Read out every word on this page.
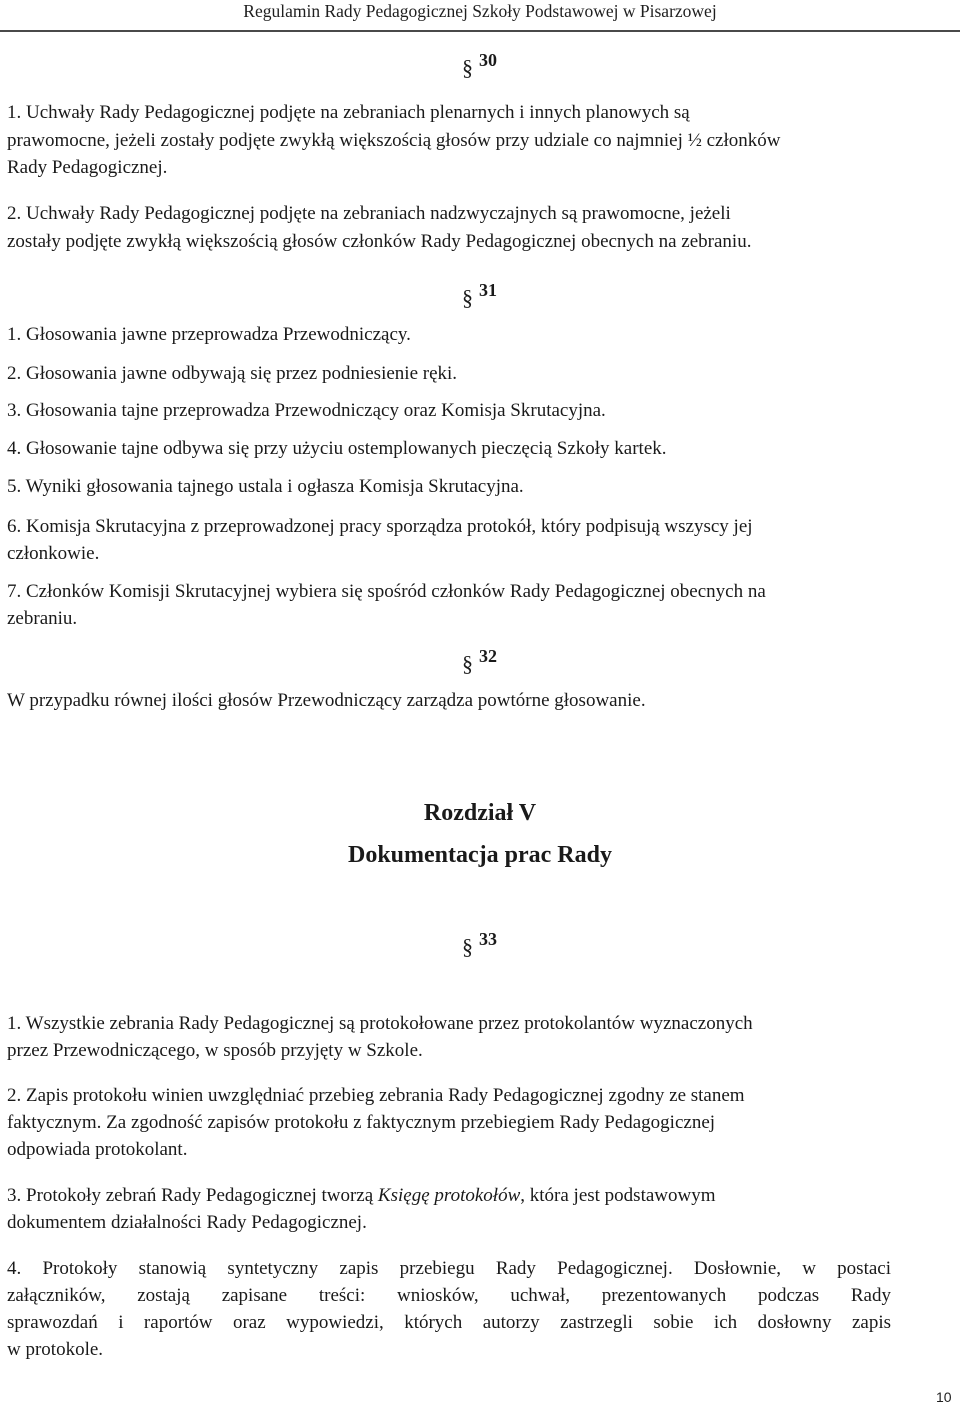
Regulamin Rady Pedagogicznej Szkoły Podstawowej w Pisarzowej
§ 30
1. Uchwały Rady Pedagogicznej podjęte na zebraniach plenarnych i innych planowych są
prawomocne, jeżeli zostały podjęte zwykłą większością głosów przy udziale co najmniej ½ członków
Rady Pedagogicznej.
2. Uchwały Rady Pedagogicznej podjęte na zebraniach nadzwyczajnych są prawomocne, jeżeli
zostały podjęte zwykłą większością głosów członków Rady Pedagogicznej obecnych na zebraniu.
§ 31
1. Głosowania jawne przeprowadza Przewodniczący.
2. Głosowania jawne odbywają się przez podniesienie ręki.
3. Głosowania tajne przeprowadza Przewodniczący oraz Komisja Skrutacyjna.
4. Głosowanie tajne odbywa się przy użyciu ostemplowanych pieczęcią Szkoły kartek.
5. Wyniki głosowania tajnego ustala i ogłasza Komisja Skrutacyjna.
6. Komisja Skrutacyjna z przeprowadzonej pracy sporządza protokół, który podpisują wszyscy jej
członkowie.
7. Członków Komisji Skrutacyjnej wybiera się spośród członków Rady Pedagogicznej obecnych na
zebraniu.
§ 32
W przypadku równej ilości głosów Przewodniczący zarządza powtórne głosowanie.
Rozdział V
Dokumentacja prac Rady
§ 33
1. Wszystkie zebrania Rady Pedagogicznej są protokołowane przez protokolantów wyznaczonych
przez Przewodniczącego, w sposób przyjęty w Szkole.
2. Zapis protokołu winien uwzględniać przebieg zebrania Rady Pedagogicznej zgodny ze stanem
faktycznym. Za zgodność zapisów protokołu z faktycznym przebiegiem Rady Pedagogicznej
odpowiada protokolant.
3. Protokoły zebrań Rady Pedagogicznej tworzą Księgę protokołów, która jest podstawowym
dokumentem działalności Rady Pedagogicznej.
4. Protokoły stanowią syntetyczny zapis przebiegu Rady Pedagogicznej. Dosłownie, w postaci
załączników, zostają zapisane treści: wniosków, uchwał, prezentowanych podczas Rady
sprawozdań i raportów oraz wypowiedzi, których autorzy zastrzegli sobie ich dosłowny zapis
w protokole.
10
